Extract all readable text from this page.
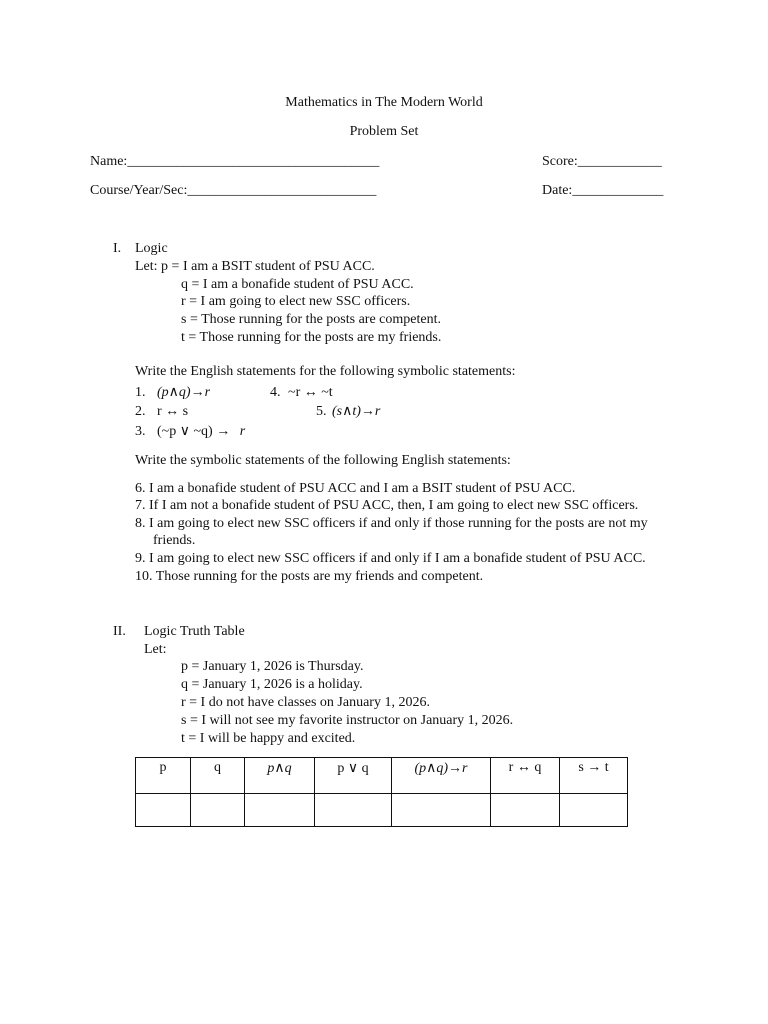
Mathematics in The Modern World
Problem Set
Name:____________________________________	Score:____________
Course/Year/Sec:___________________________	Date:_____________
I. Logic
Let: p = I am a BSIT student of PSU ACC.
q = I am a bonafide student of PSU ACC.
r = I am going to elect new SSC officers.
s = Those running for the posts are competent.
t = Those running for the posts are my friends.
Write the English statements for the following symbolic statements:
1. (p∧q)→r	4. ~r ↔ ~t
2. r ↔ s	5. (s∧t)→r
3. (~p ∨ ~q) → r
Write the symbolic statements of the following English statements:
6. I am a bonafide student of PSU ACC and I am a BSIT student of PSU ACC.
7. If I am not a bonafide student of PSU ACC, then, I am going to elect new SSC officers.
8. I am going to elect new SSC officers if and only if those running for the posts are not my
friends.
9. I am going to elect new SSC officers if and only if I am a bonafide student of PSU ACC.
10. Those running for the posts are my friends and competent.
II. Logic Truth Table
Let:
p = January 1, 2026 is Thursday.
q = January 1, 2026 is a holiday.
r = I do not have classes on January 1, 2026.
s = I will not see my favorite instructor on January 1, 2026.
t = I will be happy and excited.
p	q	p∧q	p ∨ q	(p∧q)→r	r ↔ q	s → t
